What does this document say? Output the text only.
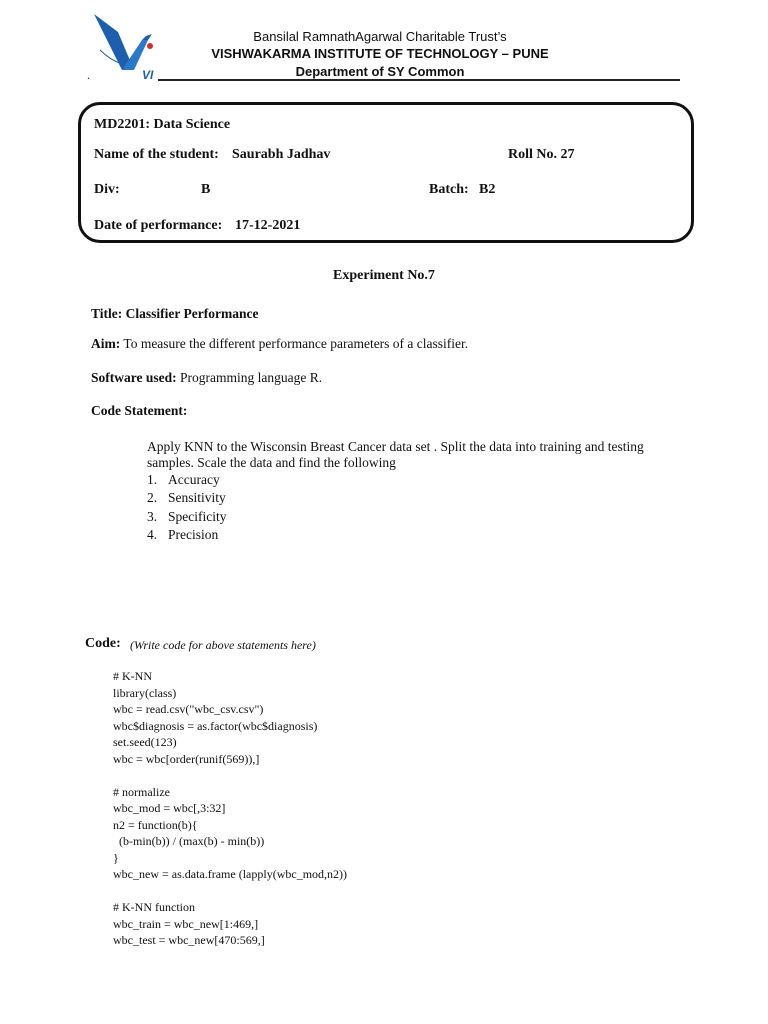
VI
Bansilal RamnathAgarwal Charitable Trust’s
VISHWAKARMA INSTITUTE OF TECHNOLOGY – PUNE
Department of SY Common
.
MD2201: Data Science
Name of the student: Saurabh Jadhav	Roll No. 27
Div:	B	Batch: B2
Date of performance: 17-12-2021
Experiment No.7
Title: Classifier Performance
Aim: To measure the different performance parameters of a classifier.
Software used: Programming language R.
Code Statement:
Apply KNN to the Wisconsin Breast Cancer data set . Split the data into training and testing samples. Scale the data and find the following
1. Accuracy
2. Sensitivity
3. Specificity
4. Precision
Code: (Write code for above statements here)
# K-NN
library(class)
wbc = read.csv("wbc_csv.csv")
wbc$diagnosis = as.factor(wbc$diagnosis)
set.seed(123)
wbc = wbc[order(runif(569)),]
# normalize
wbc_mod = wbc[,3:32]
n2 = function(b){
(b-min(b)) / (max(b) - min(b))
}
wbc_new = as.data.frame (lapply(wbc_mod,n2))
# K-NN function
wbc_train = wbc_new[1:469,]
wbc_test = wbc_new[470:569,]
